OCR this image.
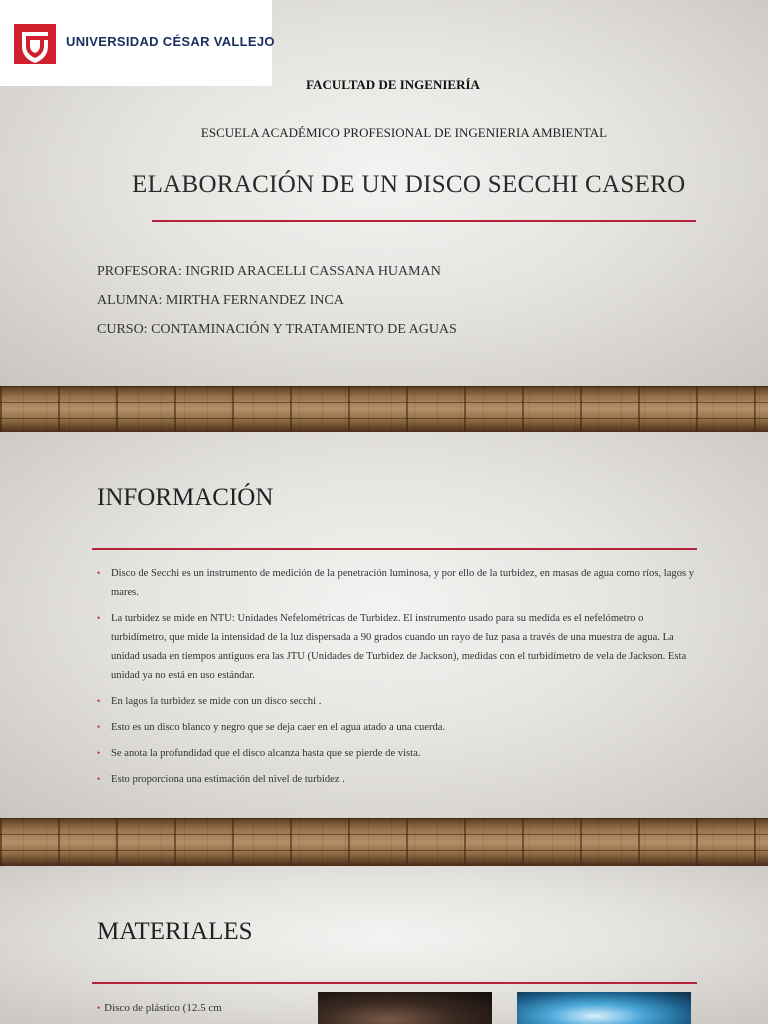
UNIVERSIDAD CÉSAR VALLEJO
FACULTAD DE INGENIERÍA
ESCUELA ACADÉMICO PROFESIONAL DE INGENIERIA AMBIENTAL
ELABORACIÓN DE UN DISCO SECCHI CASERO
PROFESORA: INGRID ARACELLI CASSANA HUAMAN
ALUMNA: MIRTHA FERNANDEZ INCA
CURSO: CONTAMINACIÓN Y TRATAMIENTO DE AGUAS
INFORMACIÓN
• Disco de Secchi es un instrumento de medición de la penetración luminosa, y por ello de la turbidez, en masas de agua como ríos, lagos y mares.
• La turbidez se mide en NTU: Unidades Nefelométricas de Turbidez. El instrumento usado para su medida es el nefelómetro o turbidímetro, que mide la intensidad de la luz dispersada a 90 grados cuando un rayo de luz pasa a través de una muestra de agua. La unidad usada en tiempos antiguos era las JTU (Unidades de Turbidez de Jackson), medidas con el turbidímetro de vela de Jackson. Esta unidad ya no está en uso estándar.
• En lagos la turbidez se mide con un disco secchi .
• Esto es un disco blanco y negro que se deja caer en el agua atado a una cuerda.
• Se anota la profundidad que el disco alcanza hasta que se pierde de vista.
• Esto proporciona una estimación del nivel de turbidez .
MATERIALES
• Disco de plástico (12.5 cm
